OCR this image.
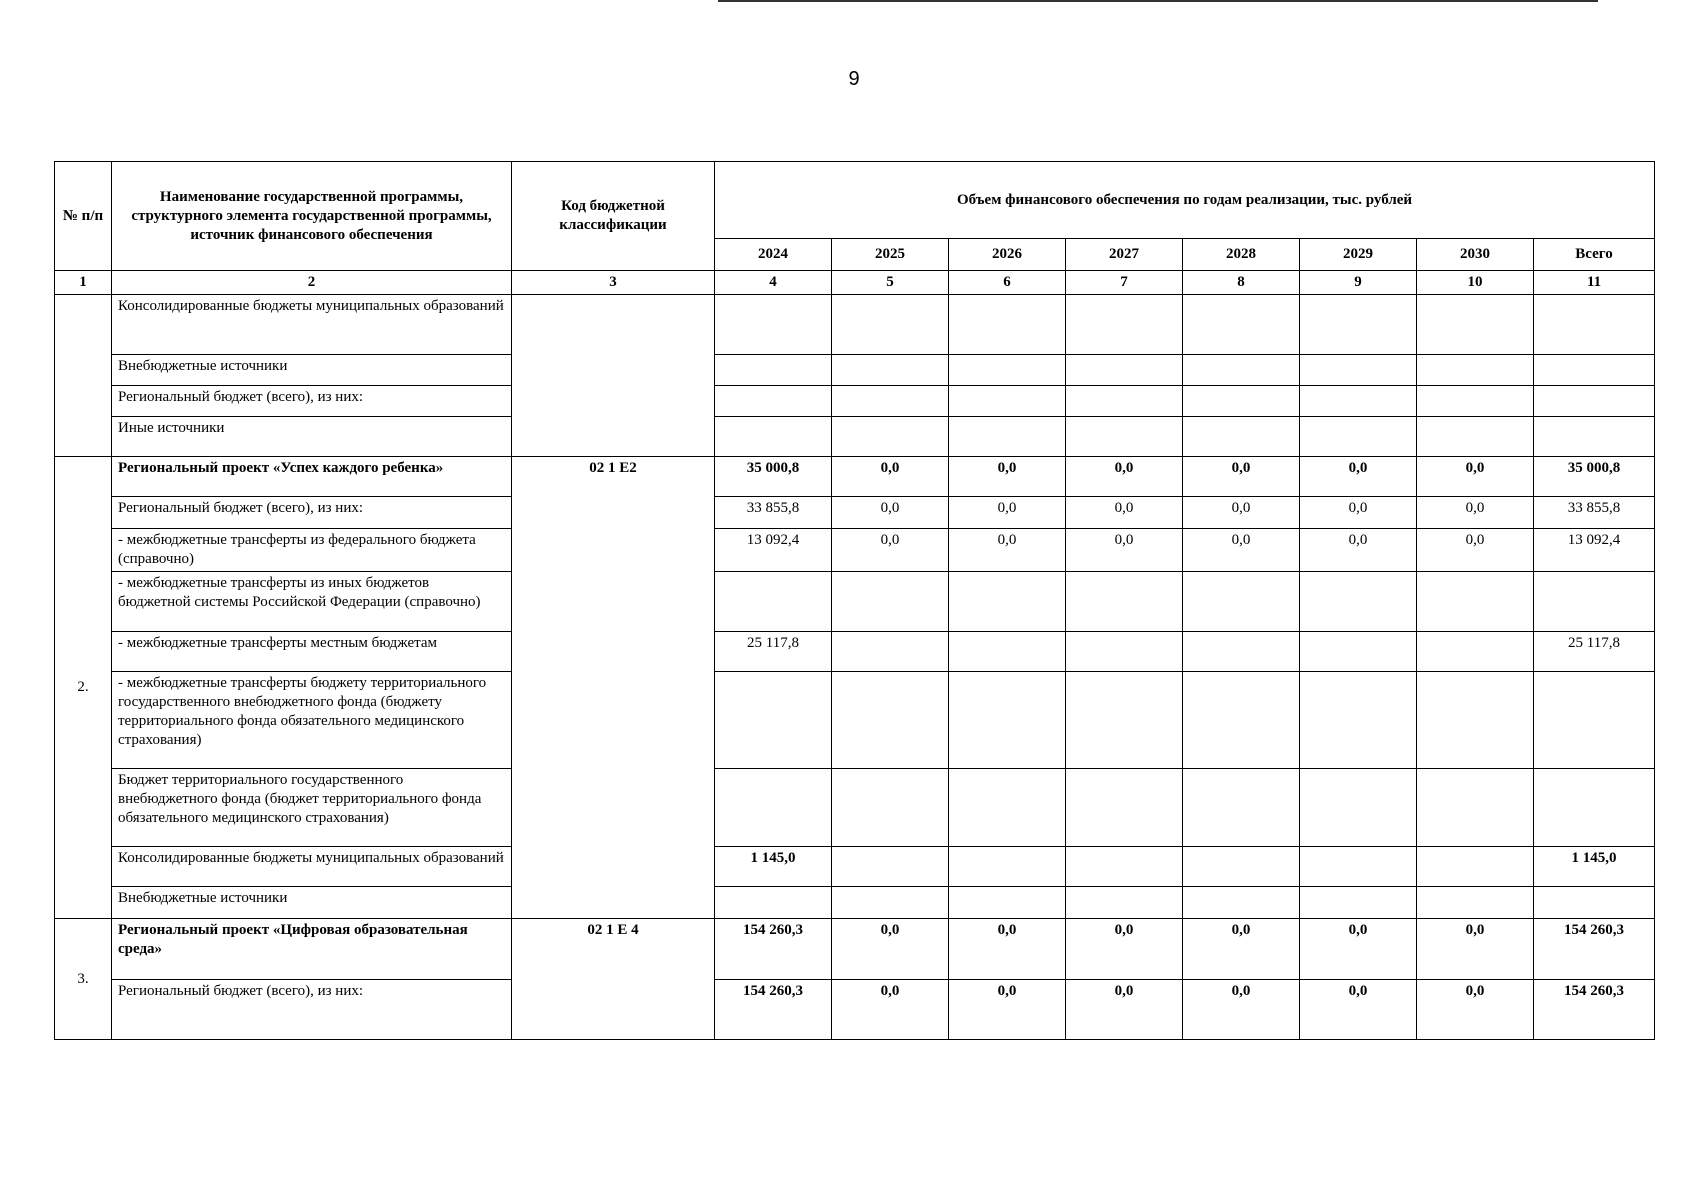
9
№ п/п	Наименование государственной программы, структурного элемента государственной программы, источник финансового обеспечения	Код бюджетной классификации	Объем финансового обеспечения по годам реализации, тыс. рублей							
			2024	2025	2026	2027	2028	2029	2030	Всего
1	2	3	4	5	6	7	8	9	10	11
	Консолидированные бюджеты муниципальных образований									
	Внебюджетные источники									
	Региональный бюджет (всего), из них:									
	Иные источники									
2.	Региональный проект «Успех каждого ребенка»	02 1 E2	35 000,8	0,0	0,0	0,0	0,0	0,0	0,0	35 000,8
	Региональный бюджет (всего), из них:		33 855,8	0,0	0,0	0,0	0,0	0,0	0,0	33 855,8
	- межбюджетные трансферты из федерального бюджета (справочно)		13 092,4	0,0	0,0	0,0	0,0	0,0	0,0	13 092,4
	- межбюджетные трансферты из иных бюджетов бюджетной системы Российской Федерации (справочно)									
	- межбюджетные трансферты местным бюджетам		25 117,8							25 117,8
	- межбюджетные трансферты бюджету территориального государственного внебюджетного фонда (бюджету территориального фонда обязательного медицинского страхования)									
	Бюджет территориального государственного внебюджетного фонда (бюджет территориального фонда обязательного медицинского страхования)									
	Консолидированные бюджеты муниципальных образований		1 145,0							1 145,0
	Внебюджетные источники									
3.	Региональный проект «Цифровая образовательная среда»	02 1 E 4	154 260,3	0,0	0,0	0,0	0,0	0,0	0,0	154 260,3
	Региональный бюджет (всего), из них:		154 260,3	0,0	0,0	0,0	0,0	0,0	0,0	154 260,3
